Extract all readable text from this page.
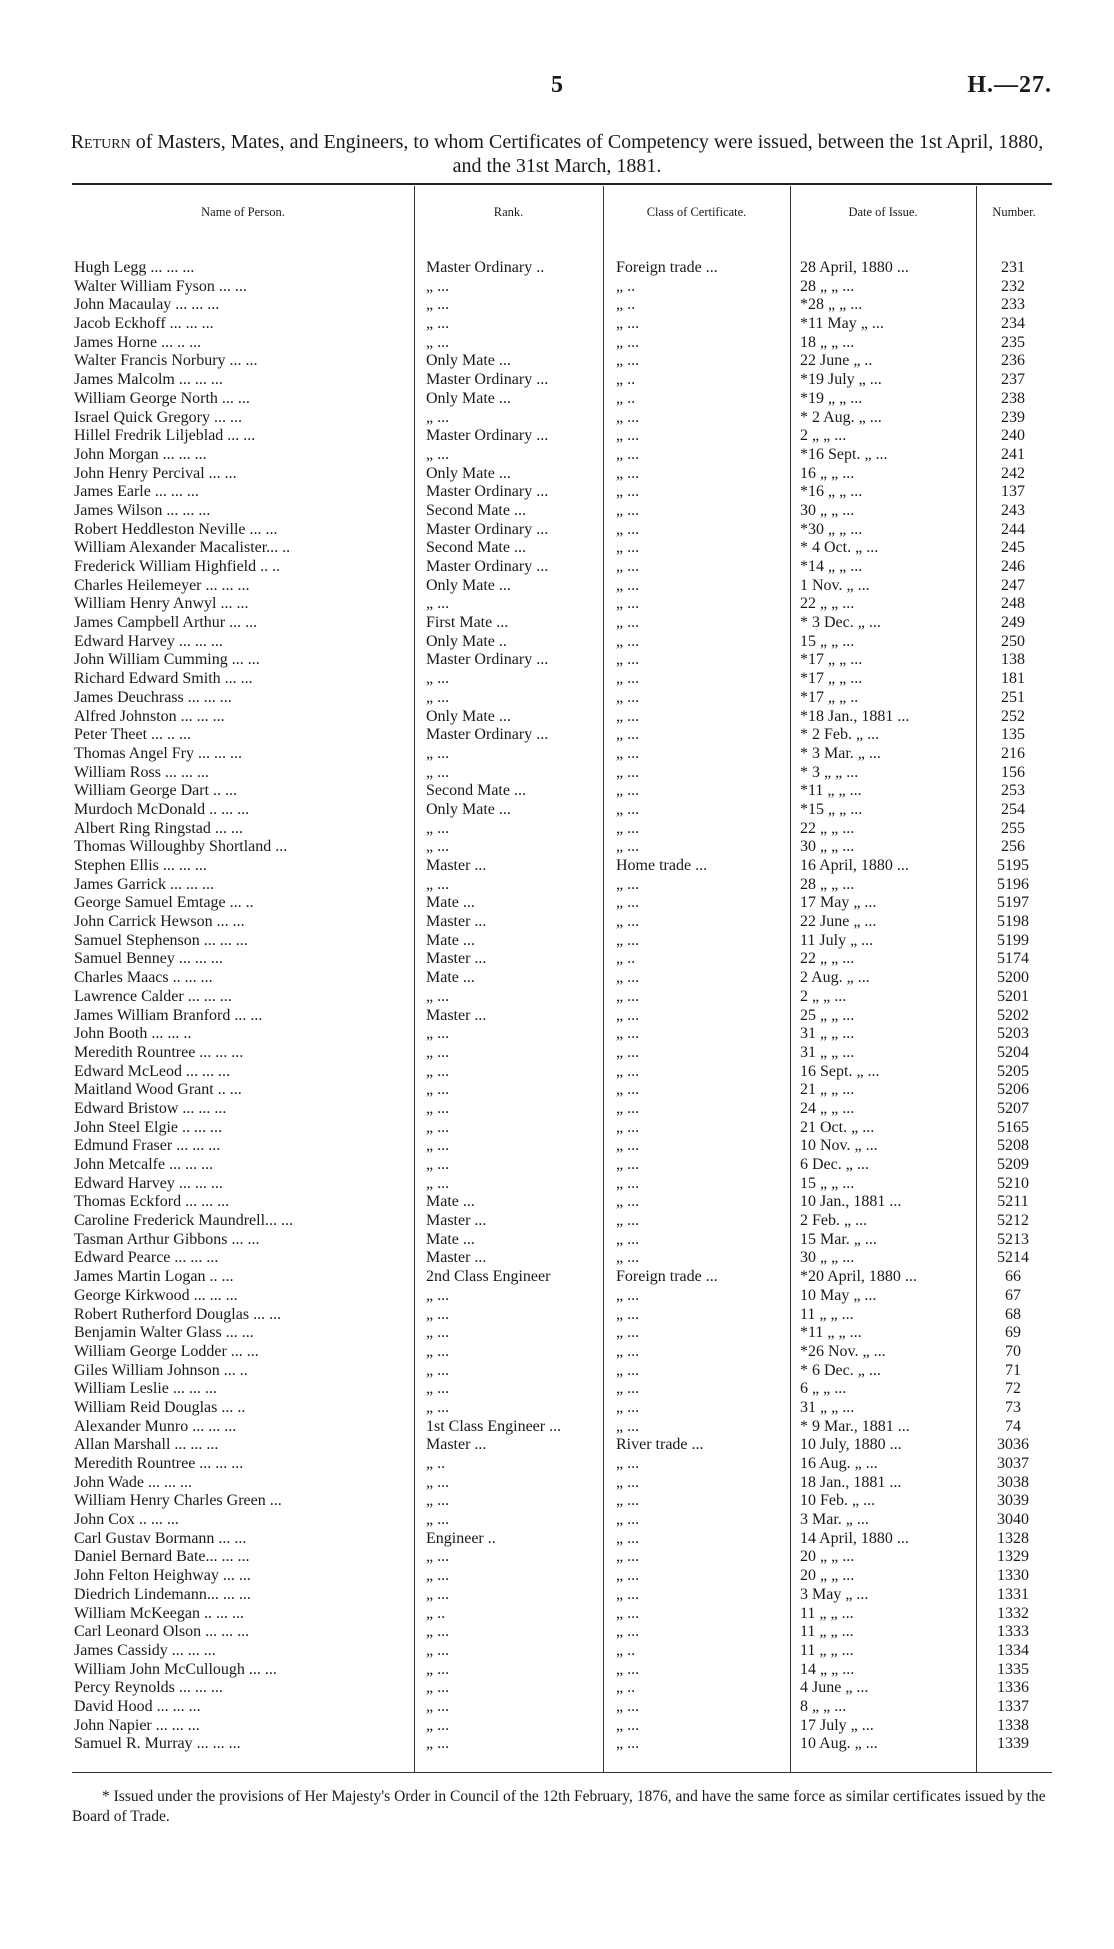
5	H.—27.
Return of Masters, Mates, and Engineers, to whom Certificates of Competency were issued, between the 1st April, 1880, and the 31st March, 1881.
Name of Person.	Rank.	Class of Certificate.	Date of Issue.	Number.
Hugh Legg ... ... ...	Master Ordinary ..	Foreign trade ...	28 April, 1880 ...	231
Walter William Fyson ... ...	„ ...	„ ..	28 „ „ ...	232
John Macaulay ... ... ...	„ ...	„ ..	*28 „ „ ...	233
Jacob Eckhoff ... ... ...	„ ...	„ ...	*11 May „ ...	234
James Horne ... .. ...	„ ...	„ ...	18 „ „ ...	235
Walter Francis Norbury ... ...	Only Mate ...	„ ...	22 June „ ..	236
James Malcolm ... ... ...	Master Ordinary ...	„ ..	*19 July „ ...	237
William George North ... ...	Only Mate ...	„ ..	*19 „ „ ...	238
Israel Quick Gregory ... ...	„ ...	„ ...	* 2 Aug. „ ...	239
Hillel Fredrik Liljeblad ... ...	Master Ordinary ...	„ ...	2 „ „ ...	240
John Morgan ... ... ...	„ ...	„ ...	*16 Sept. „ ...	241
John Henry Percival ... ...	Only Mate ...	„ ...	16 „ „ ...	242
James Earle ... ... ...	Master Ordinary ...	„ ...	*16 „ „ ...	137
James Wilson ... ... ...	Second Mate ...	„ ...	30 „ „ ...	243
Robert Heddleston Neville ... ...	Master Ordinary ...	„ ...	*30 „ „ ...	244
William Alexander Macalister... ..	Second Mate ...	„ ...	* 4 Oct. „ ...	245
Frederick William Highfield .. ..	Master Ordinary ...	„ ...	*14 „ „ ...	246
Charles Heilemeyer ... ... ...	Only Mate ...	„ ...	1 Nov. „ ...	247
William Henry Anwyl ... ...	„ ...	„ ...	22 „ „ ...	248
James Campbell Arthur ... ...	First Mate ...	„ ...	* 3 Dec. „ ...	249
Edward Harvey ... ... ...	Only Mate ..	„ ...	15 „ „ ...	250
John William Cumming ... ...	Master Ordinary ...	„ ...	*17 „ „ ...	138
Richard Edward Smith ... ...	„ ...	„ ...	*17 „ „ ...	181
James Deuchrass ... ... ...	„ ...	„ ...	*17 „ „ ..	251
Alfred Johnston ... ... ...	Only Mate ...	„ ...	*18 Jan., 1881 ...	252
Peter Theet ... .. ...	Master Ordinary ...	„ ...	* 2 Feb. „ ...	135
Thomas Angel Fry ... ... ...	„ ...	„ ...	* 3 Mar. „ ...	216
William Ross ... ... ...	„ ...	„ ...	* 3 „ „ ...	156
William George Dart .. ...	Second Mate ...	„ ...	*11 „ „ ...	253
Murdoch McDonald .. ... ...	Only Mate ...	„ ...	*15 „ „ ...	254
Albert Ring Ringstad ... ...	„ ...	„ ...	22 „ „ ...	255
Thomas Willoughby Shortland ...	„ ...	„ ...	30 „ „ ...	256
Stephen Ellis ... ... ...	Master ...	Home trade ...	16 April, 1880 ...	5195
James Garrick ... ... ...	„ ...	„ ...	28 „ „ ...	5196
George Samuel Emtage ... ..	Mate ...	„ ...	17 May „ ...	5197
John Carrick Hewson ... ...	Master ...	„ ...	22 June „ ...	5198
Samuel Stephenson ... ... ...	Mate ...	„ ...	11 July „ ...	5199
Samuel Benney ... ... ...	Master ...	„ ..	22 „ „ ...	5174
Charles Maacs .. ... ...	Mate ...	„ ...	2 Aug. „ ...	5200
Lawrence Calder ... ... ...	„ ...	„ ...	2 „ „ ...	5201
James William Branford ... ...	Master ...	„ ...	25 „ „ ...	5202
John Booth ... ... ..	„ ...	„ ...	31 „ „ ...	5203
Meredith Rountree ... ... ...	„ ...	„ ...	31 „ „ ...	5204
Edward McLeod ... ... ...	„ ...	„ ...	16 Sept. „ ...	5205
Maitland Wood Grant .. ...	„ ...	„ ...	21 „ „ ...	5206
Edward Bristow ... ... ...	„ ...	„ ...	24 „ „ ...	5207
John Steel Elgie .. ... ...	„ ...	„ ...	21 Oct. „ ...	5165
Edmund Fraser ... ... ...	„ ...	„ ...	10 Nov. „ ...	5208
John Metcalfe ... ... ...	„ ...	„ ...	6 Dec. „ ...	5209
Edward Harvey ... ... ...	„ ...	„ ...	15 „ „ ...	5210
Thomas Eckford ... ... ...	Mate ...	„ ...	10 Jan., 1881 ...	5211
Caroline Frederick Maundrell... ...	Master ...	„ ...	2 Feb. „ ...	5212
Tasman Arthur Gibbons ... ...	Mate ...	„ ...	15 Mar. „ ...	5213
Edward Pearce ... ... ...	Master ...	„ ...	30 „ „ ...	5214
James Martin Logan .. ...	2nd Class Engineer	Foreign trade ...	*20 April, 1880 ...	66
George Kirkwood ... ... ...	„ ...	„ ...	10 May „ ...	67
Robert Rutherford Douglas ... ...	„ ...	„ ...	11 „ „ ...	68
Benjamin Walter Glass ... ...	„ ...	„ ...	*11 „ „ ...	69
William George Lodder ... ...	„ ...	„ ...	*26 Nov. „ ...	70
Giles William Johnson ... ..	„ ...	„ ...	* 6 Dec. „ ...	71
William Leslie ... ... ...	„ ...	„ ...	6 „ „ ...	72
William Reid Douglas ... ..	„ ...	„ ...	31 „ „ ...	73
Alexander Munro ... ... ...	1st Class Engineer ...	„ ...	* 9 Mar., 1881 ...	74
Allan Marshall ... ... ...	Master ...	River trade ...	10 July, 1880 ...	3036
Meredith Rountree ... ... ...	„ ..	„ ...	16 Aug. „ ...	3037
John Wade ... ... ...	„ ...	„ ...	18 Jan., 1881 ...	3038
William Henry Charles Green ...	„ ...	„ ...	10 Feb. „ ...	3039
John Cox .. ... ...	„ ...	„ ...	3 Mar. „ ...	3040
Carl Gustav Bormann ... ...	Engineer ..	„ ...	14 April, 1880 ...	1328
Daniel Bernard Bate... ... ...	„ ...	„ ...	20 „ „ ...	1329
John Felton Heighway ... ...	„ ...	„ ...	20 „ „ ...	1330
Diedrich Lindemann... ... ...	„ ...	„ ...	3 May „ ...	1331
William McKeegan .. ... ...	„ ..	„ ...	11 „ „ ...	1332
Carl Leonard Olson ... ... ...	„ ...	„ ...	11 „ „ ...	1333
James Cassidy ... ... ...	„ ...	„ ..	11 „ „ ...	1334
William John McCullough ... ...	„ ...	„ ...	14 „ „ ...	1335
Percy Reynolds ... ... ...	„ ...	„ ..	4 June „ ...	1336
David Hood ... ... ...	„ ...	„ ...	8 „ „ ...	1337
John Napier ... ... ...	„ ...	„ ...	17 July „ ...	1338
Samuel R. Murray ... ... ...	„ ...	„ ...	10 Aug. „ ...	1339
* Issued under the provisions of Her Majesty's Order in Council of the 12th February, 1876, and have the same force as similar certificates issued by the Board of Trade.
